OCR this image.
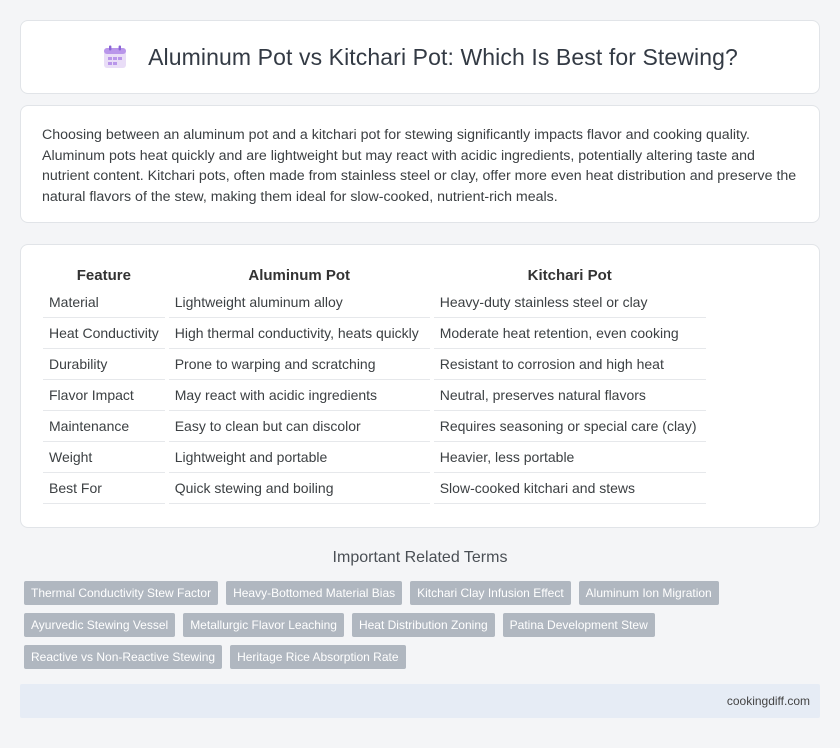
Aluminum Pot vs Kitchari Pot: Which Is Best for Stewing?

Choosing between an aluminum pot and a kitchari pot for stewing significantly impacts flavor and cooking quality. Aluminum pots heat quickly and are lightweight but may react with acidic ingredients, potentially altering taste and nutrient content. Kitchari pots, often made from stainless steel or clay, offer more even heat distribution and preserve the natural flavors of the stew, making them ideal for slow-cooked, nutrient-rich meals.

Feature	Aluminum Pot	Kitchari Pot
Material	Lightweight aluminum alloy	Heavy-duty stainless steel or clay
Heat Conductivity	High thermal conductivity, heats quickly	Moderate heat retention, even cooking
Durability	Prone to warping and scratching	Resistant to corrosion and high heat
Flavor Impact	May react with acidic ingredients	Neutral, preserves natural flavors
Maintenance	Easy to clean but can discolor	Requires seasoning or special care (clay)
Weight	Lightweight and portable	Heavier, less portable
Best For	Quick stewing and boiling	Slow-cooked kitchari and stews
Important Related Terms
Thermal Conductivity Stew Factor	Heavy-Bottomed Material Bias	Kitchari Clay Infusion Effect	Aluminum Ion Migration
Ayurvedic Stewing Vessel	Metallurgic Flavor Leaching	Heat Distribution Zoning	Patina Development Stew
Reactive vs Non-Reactive Stewing	Heritage Rice Absorption Rate
cookingdiff.com
